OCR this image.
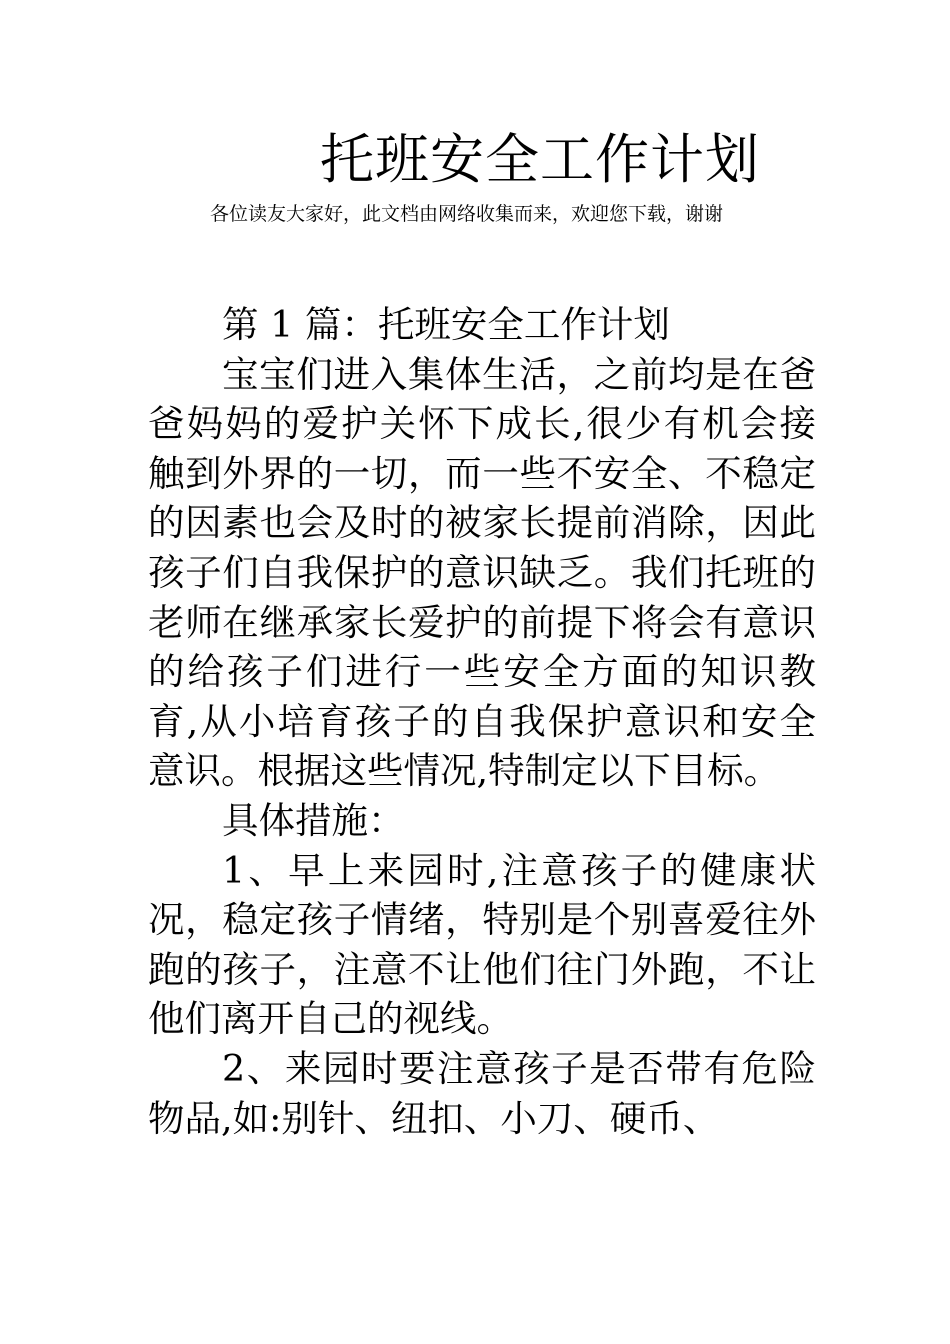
托班安全工作计划

各位读友大家好，此文档由网络收集而来，欢迎您下载，谢谢

第 1 篇：托班安全工作计划

宝宝们进入集体生活，之前均是在爸爸妈妈的爱护关怀下成长,很少有机会接触到外界的一切，而一些不安全、不稳定的因素也会及时的被家长提前消除，因此孩子们自我保护的意识缺乏。我们托班的老师在继承家长爱护的前提下将会有意识的给孩子们进行一些安全方面的知识教育,从小培育孩子的自我保护意识和安全意识。根据这些情况,特制定以下目标。

具体措施：

1、早上来园时,注意孩子的健康状况，稳定孩子情绪，特别是个别喜爱往外跑的孩子，注意不让他们往门外跑，不让他们离开自己的视线。

2、来园时要注意孩子是否带有危险物品,如:别针、纽扣、小刀、硬币、
